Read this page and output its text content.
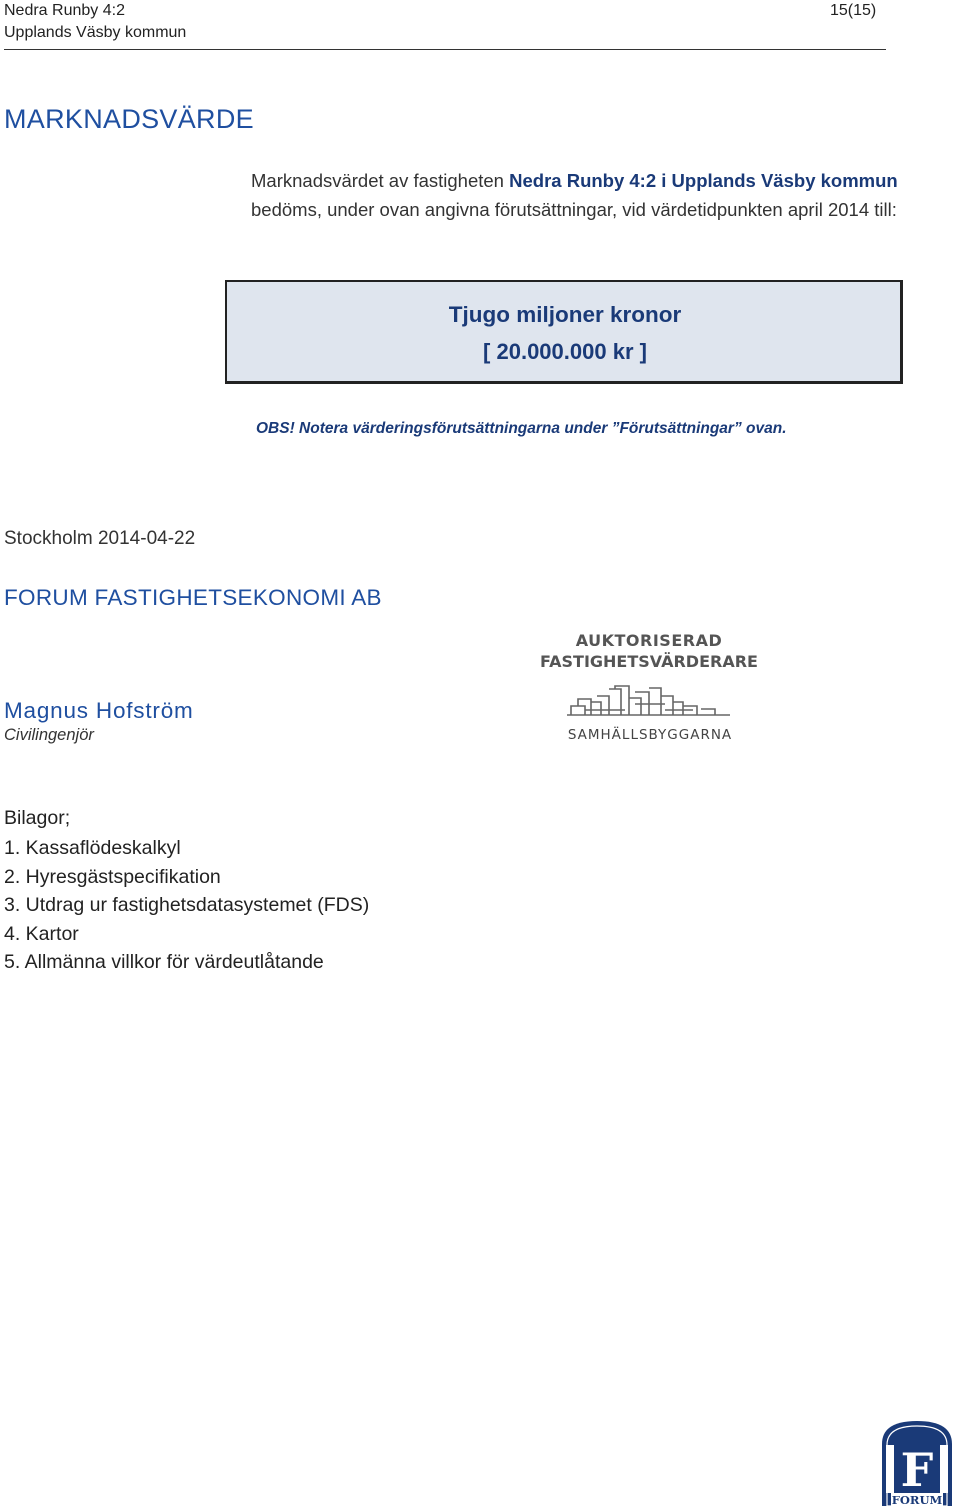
Nedra Runby 4:2
Upplands Väsby kommun
15(15)
MARKNADSVÄRDE
Marknadsvärdet av fastigheten Nedra Runby 4:2 i Upplands Väsby kommun bedöms, under ovan angivna förutsättningar, vid värdetidpunkten april 2014 till:
Tjugo miljoner kronor
[ 20.000.000 kr ]
OBS! Notera värderingsförutsättningarna under ”Förutsättningar” ovan.
Stockholm 2014-04-22
FORUM FASTIGHETSEKONOMI AB
Magnus Hofström
Civilingenjör
AUKTORISERAD
FASTIGHETSVÄRDERARE
SAMHÄLLSBYGGARNA
Bilagor;
1. Kassaflödeskalkyl
2. Hyresgästspecifikation
3. Utdrag ur fastighetsdatasystemet (FDS)
4. Kartor
5. Allmänna villkor för värdeutlåtande
F
FORUM
